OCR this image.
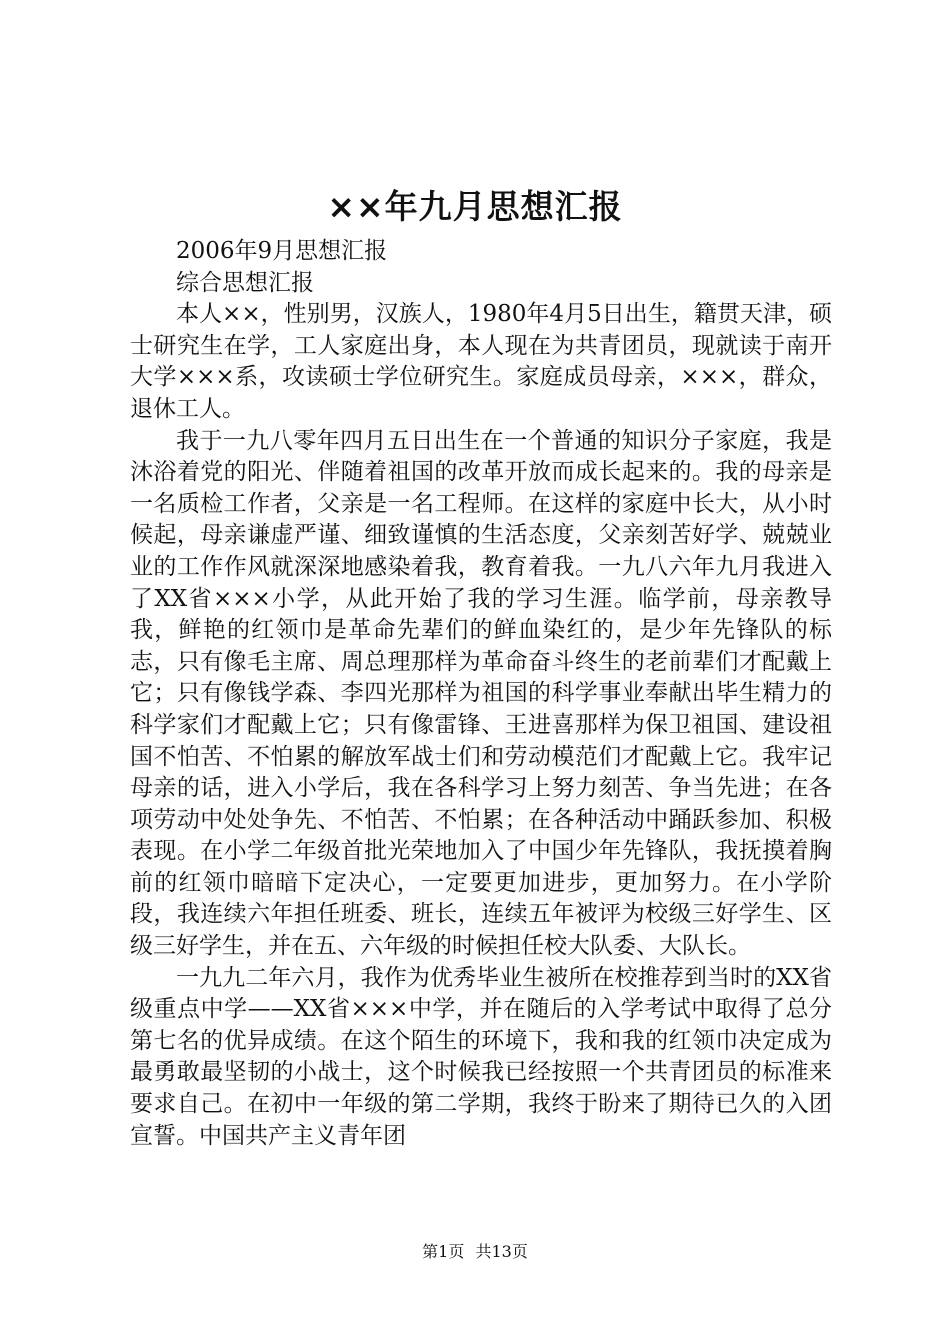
××年九月思想汇报

2006年9月思想汇报

综合思想汇报

本人××，性别男，汉族人，1980年4月5日出生，籍贯天津，硕士研究生在学，工人家庭出身，本人现在为共青团员，现就读于南开大学×××系，攻读硕士学位研究生。家庭成员母亲，×××，群众，退休工人。

我于一九八零年四月五日出生在一个普通的知识分子家庭，我是沐浴着党的阳光、伴随着祖国的改革开放而成长起来的。我的母亲是一名质检工作者，父亲是一名工程师。在这样的家庭中长大，从小时候起，母亲谦虚严谨、细致谨慎的生活态度，父亲刻苦好学、兢兢业业的工作作风就深深地感染着我，教育着我。一九八六年九月我进入了XX省×××小学，从此开始了我的学习生涯。临学前，母亲教导我，鲜艳的红领巾是革命先辈们的鲜血染红的，是少年先锋队的标志，只有像毛主席、周总理那样为革命奋斗终生的老前辈们才配戴上它；只有像钱学森、李四光那样为祖国的科学事业奉献出毕生精力的科学家们才配戴上它；只有像雷锋、王进喜那样为保卫祖国、建设祖国不怕苦、不怕累的解放军战士们和劳动模范们才配戴上它。我牢记母亲的话，进入小学后，我在各科学习上努力刻苦、争当先进；在各项劳动中处处争先、不怕苦、不怕累；在各种活动中踊跃参加、积极表现。在小学二年级首批光荣地加入了中国少年先锋队，我抚摸着胸前的红领巾暗暗下定决心，一定要更加进步，更加努力。在小学阶段，我连续六年担任班委、班长，连续五年被评为校级三好学生、区级三好学生，并在五、六年级的时候担任校大队委、大队长。

一九九二年六月，我作为优秀毕业生被所在校推荐到当时的XX省级重点中学——XX省×××中学，并在随后的入学考试中取得了总分第七名的优异成绩。在这个陌生的环境下，我和我的红领巾决定成为最勇敢最坚韧的小战士，这个时候我已经按照一个共青团员的标准来要求自己。在初中一年级的第二学期，我终于盼来了期待已久的入团宣誓。中国共产主义青年团

第1页 共13页
